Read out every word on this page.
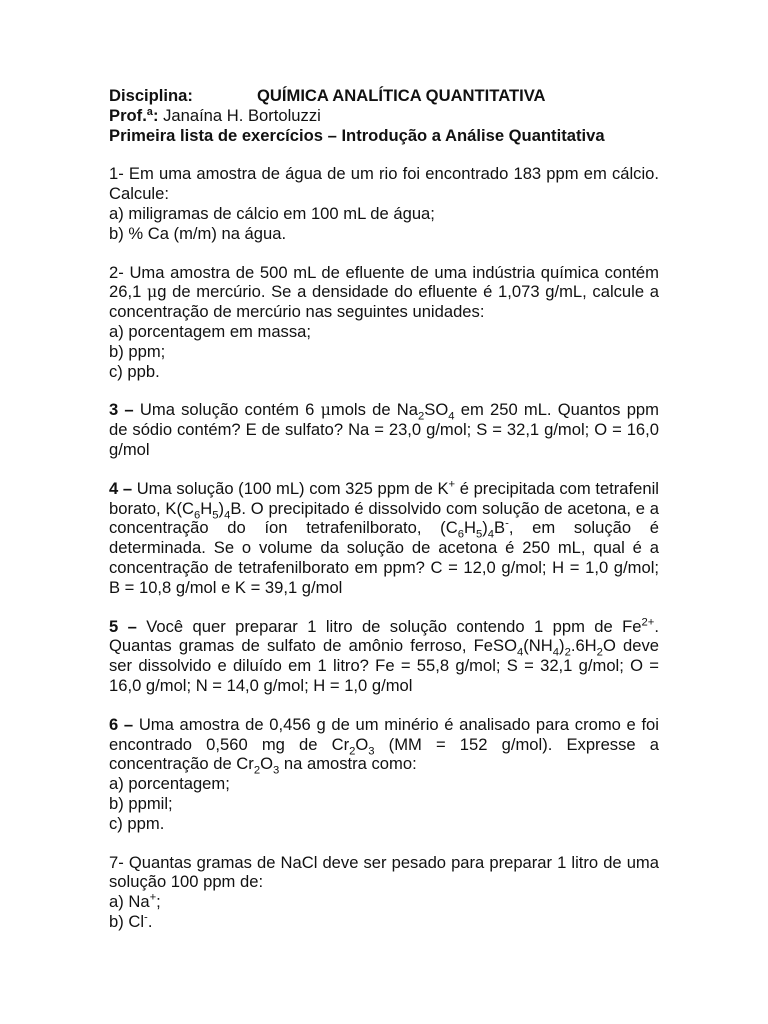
Disciplina:	QUÍMICA ANALÍTICA QUANTITATIVA
Prof.ª: Janaína H. Bortoluzzi
Primeira lista de exercícios – Introdução a Análise Quantitativa
1- Em uma amostra de água de um rio foi encontrado 183 ppm em cálcio. Calcule:
a) miligramas de cálcio em 100 mL de água;
b) % Ca (m/m) na água.
2- Uma amostra de 500 mL de efluente de uma indústria química contém 26,1 μg de mercúrio. Se a densidade do efluente é 1,073 g/mL, calcule a concentração de mercúrio nas seguintes unidades:
a) porcentagem em massa;
b) ppm;
c) ppb.
3 – Uma solução contém 6 μmols de $Na_2SO_4$ em 250 mL. Quantos ppm de sódio contém? E de sulfato? Na = 23,0 g/mol; S = 32,1 g/mol; O = 16,0 g/mol
4 – Uma solução (100 mL) com 325 ppm de K+ é precipitada com tetrafenil borato, $K(C_6H_5)_4B$. O precipitado é dissolvido com solução de acetona, e a concentração do íon tetrafenilborato, $(C_6H_5)_4B^-$, em solução é determinada. Se o volume da solução de acetona é 250 mL, qual é a concentração de tetrafenilborato em ppm? C = 12,0 g/mol; H = 1,0 g/mol; B = 10,8 g/mol e K = 39,1 g/mol
5 – Você quer preparar 1 litro de solução contendo 1 ppm de $Fe^{2+}$. Quantas gramas de sulfato de amônio ferroso, $FeSO_4(NH_4)_2.6H_2O$ deve ser dissolvido e diluído em 1 litro? Fe = 55,8 g/mol; S = 32,1 g/mol; O = 16,0 g/mol; N = 14,0 g/mol; H = 1,0 g/mol
6 – Uma amostra de 0,456 g de um minério é analisado para cromo e foi encontrado 0,560 mg de $Cr_2O_3$ (MM = 152 g/mol). Expresse a concentração de $Cr_2O_3$ na amostra como:
a) porcentagem;
b) ppmil;
c) ppm.
7- Quantas gramas de NaCl deve ser pesado para preparar 1 litro de uma solução 100 ppm de:
a) Na+;
b) Cl-.
